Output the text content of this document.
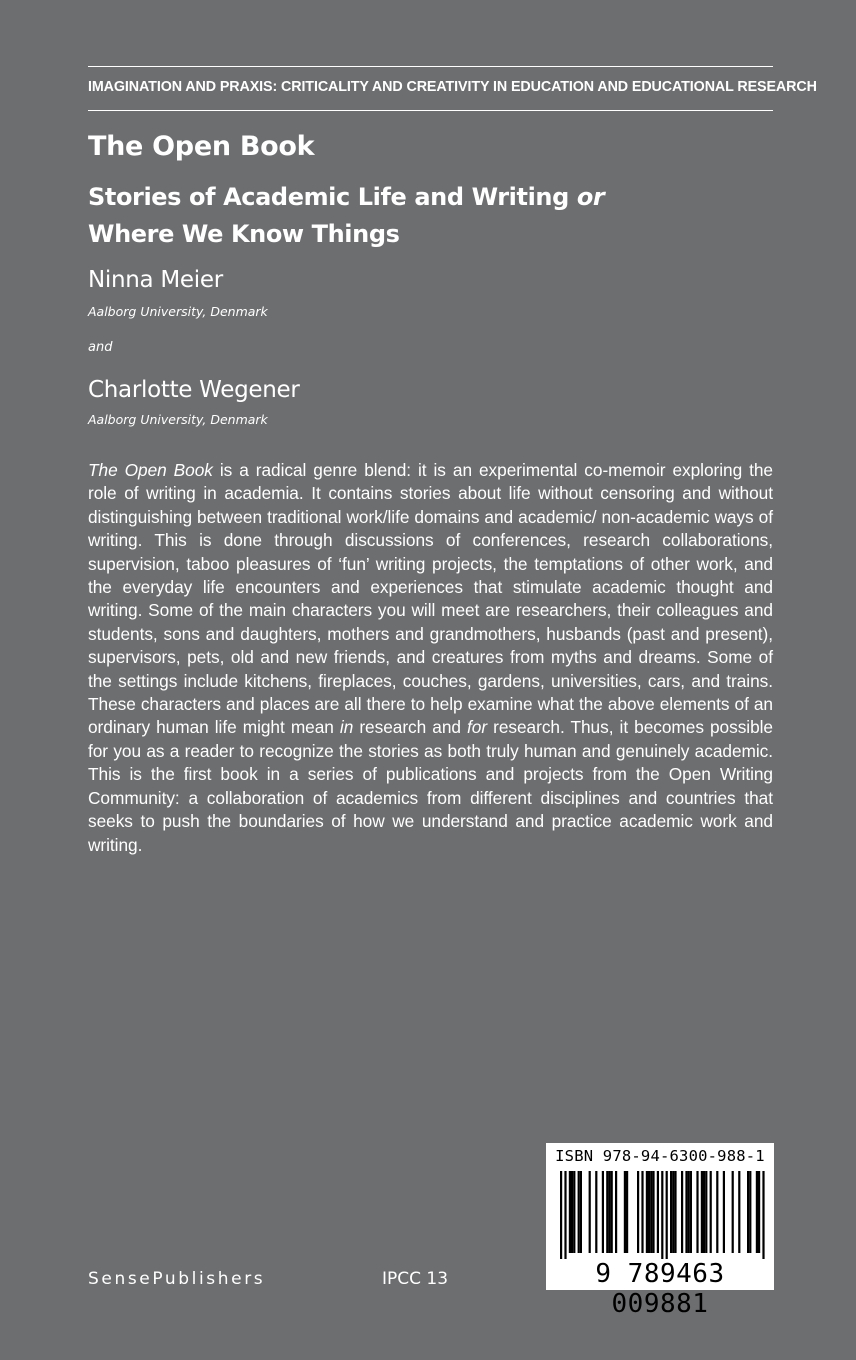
IMAGINATION AND PRAXIS: CRITICALITY AND CREATIVITY IN EDUCATION AND EDUCATIONAL RESEARCH
The Open Book
Stories of Academic Life and Writing or
Where We Know Things
Ninna Meier
Aalborg University, Denmark
and
Charlotte Wegener
Aalborg University, Denmark
The Open Book is a radical genre blend: it is an experimental co-memoir exploring the role of writing in academia. It contains stories about life without censoring and without distinguishing between traditional work/life domains and academic/ non-academic ways of writing. This is done through discussions of conferences, research collaborations, supervision, taboo pleasures of ‘fun’ writing projects, the temptations of other work, and the everyday life encounters and experiences that stimulate academic thought and writing. Some of the main characters you will meet are researchers, their colleagues and students, sons and daughters, mothers and grandmothers, husbands (past and present), supervisors, pets, old and new friends, and creatures from myths and dreams. Some of the settings include kitchens, fireplaces, couches, gardens, universities, cars, and trains. These characters and places are all there to help examine what the above elements of an ordinary human life might mean in research and for research. Thus, it becomes possible for you as a reader to recognize the stories as both truly human and genuinely academic. This is the first book in a series of publications and projects from the Open Writing Community: a collaboration of academics from different disciplines and countries that seeks to push the boundaries of how we understand and practice academic work and writing.
SensePublishers	IPCC 13
ISBN 978-94-6300-988-1
9 789463 009881
